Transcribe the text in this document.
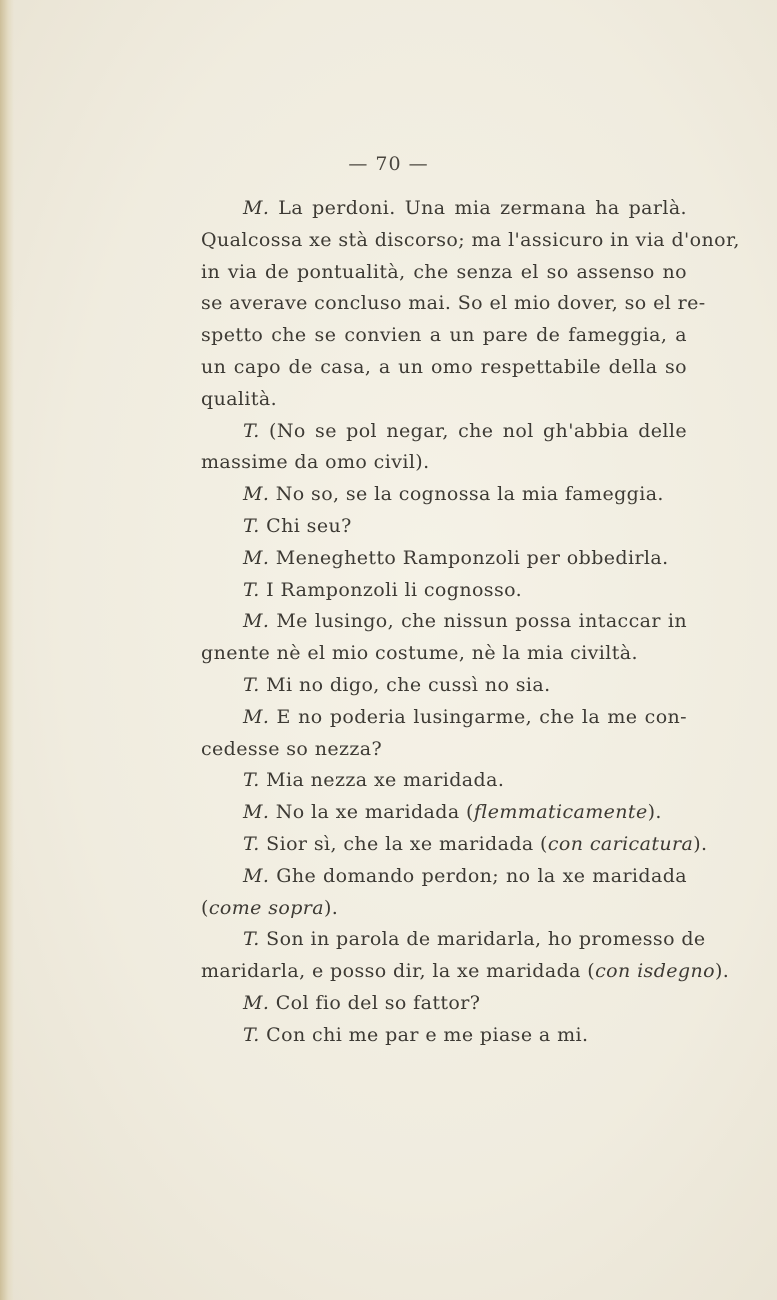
— 70 —
M. La perdoni. Una mia zermana ha parlà.
Qualcossa xe stà discorso; ma l'assicuro in via d'onor,
in via de pontualità, che senza el so assenso no
se averave concluso mai. So el mio dover, so el re-
spetto che se convien a un pare de fameggia, a
un capo de casa, a un omo respettabile della so
qualità.
T. (No se pol negar, che nol gh'abbia delle
massime da omo civil).
M. No so, se la cognossa la mia fameggia.
T. Chi seu?
M. Meneghetto Ramponzoli per obbedirla.
T. I Ramponzoli li cognosso.
M. Me lusingo, che nissun possa intaccar in
gnente nè el mio costume, nè la mia civiltà.
T. Mi no digo, che cussì no sia.
M. E no poderia lusingarme, che la me con-
cedesse so nezza?
T. Mia nezza xe maridada.
M. No la xe maridada (flemmaticamente).
T. Sior sì, che la xe maridada (con caricatura).
M. Ghe domando perdon; no la xe maridada
(come sopra).
T. Son in parola de maridarla, ho promesso de
maridarla, e posso dir, la xe maridada (con isdegno).
M. Col fio del so fattor?
T. Con chi me par e me piase a mi.
